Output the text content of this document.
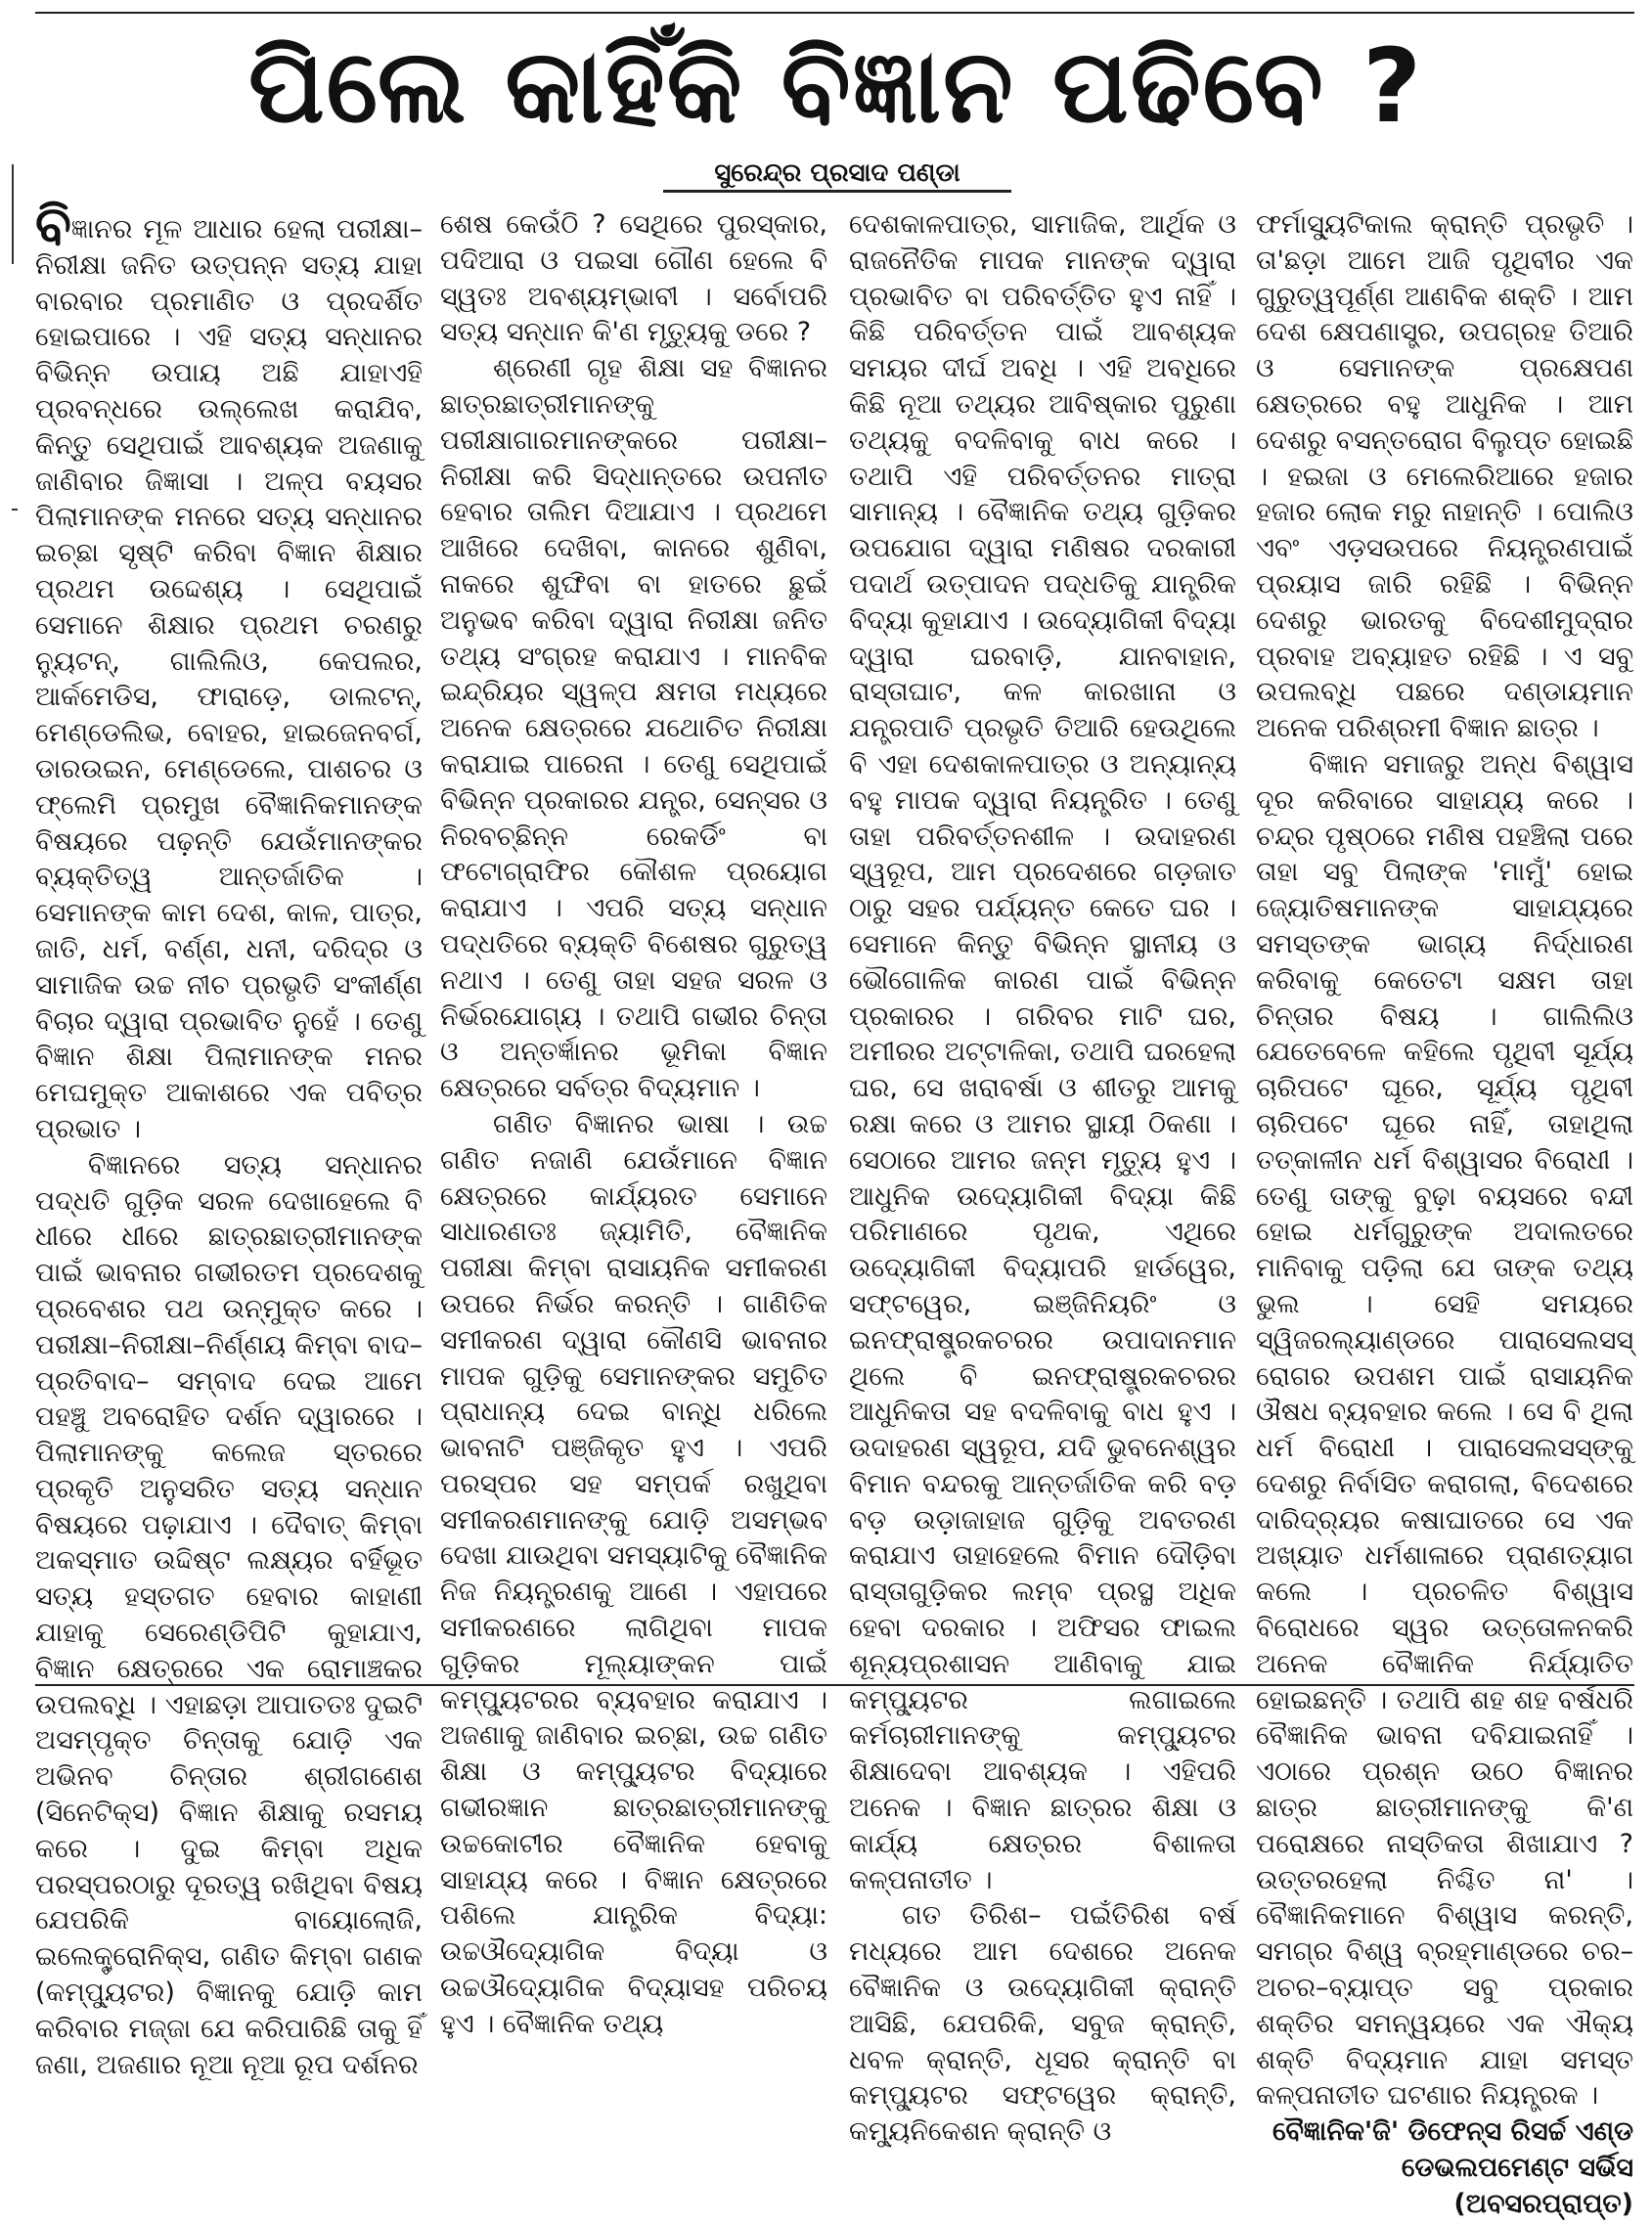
ପିଲେ କାହିଁକି ବିଜ୍ଞାନ ପଢିବେ ?
ସୁରେନ୍ଦ୍ର ପ୍ରସାଦ ପଣ୍ଡା

ବିଜ୍ଞାନର ମୂଳ ଆଧାର ହେଲା ପରୀକ୍ଷା–ନିରୀକ୍ଷା ଜନିତ ଉତ୍ପନ୍ନ ସତ୍ୟ ଯାହା ବାରବାର ପ୍ରମାଣିତ ଓ ପ୍ରଦର୍ଶିତ ହୋଇପାରେ । ଏହି ସତ୍ୟ ସନ୍ଧାନର ବିଭିନ୍ନ ଉପାୟ ଅଛି ଯାହାଏହି ପ୍ରବନ୍ଧରେ ଉଲ୍ଲେଖ କରାଯିବ, କିନ୍ତୁ ସେଥିପାଇଁ ଆବଶ୍ୟକ ଅଜଣାକୁ ଜାଣିବାର ଜିଜ୍ଞାସା । ଅଳ୍ପ ବୟସର ପିଲାମାନଙ୍କ ମନରେ ସତ୍ୟ ସନ୍ଧାନର ଇଚ୍ଛା ସୃଷ୍ଟି କରିବା ବିଜ୍ଞାନ ଶିକ୍ଷାର ପ୍ରଥମ ଉଦ୍ଦେଶ୍ୟ । ସେଥିପାଇଁ ସେମାନେ ଶିକ୍ଷାର ପ୍ରଥମ ଚରଣରୁ ନ୍ୟୁଟନ୍, ଗାଲିଲିଓ, କେପଲର, ଆର୍କମେଡିସ, ଫାରାଡ଼େ, ଡାଲଟନ୍, ମେଣ୍ଡେଲିଭ, ବୋହର, ହାଇଜେନବର୍ଗ, ଡାରଉଇନ, ମେଣ୍ଡେଲେ, ପାଶଚର ଓ ଫ୍ଲେମି ପ୍ରମୁଖ ବୈଜ୍ଞାନିକମାନଙ୍କ ବିଷୟରେ ପଢ଼ନ୍ତି ଯେଉଁମାନଙ୍କର ବ୍ୟକ୍ତିତ୍ୱ ଆନ୍ତର୍ଜାତିକ । ସେମାନଙ୍କ କାମ ଦେଶ, କାଳ, ପାତ୍ର, ଜାତି, ଧର୍ମ, ବର୍ଣ୍ଣ, ଧନୀ, ଦରିଦ୍ର ଓ ସାମାଜିକ ଉଚ୍ଚ ନୀଚ ପ୍ରଭୃତି ସଂକୀର୍ଣ୍ଣ ବିଚାର ଦ୍ୱାରା ପ୍ରଭାବିତ ନୁହେଁ । ତେଣୁ ବିଜ୍ଞାନ ଶିକ୍ଷା ପିଲାମାନଙ୍କ ମନର ମେଘମୁକ୍ତ ଆକାଶରେ ଏକ ପବିତ୍ର ପ୍ରଭାତ ।

ବିଜ୍ଞାନରେ ସତ୍ୟ ସନ୍ଧାନର ପଦ୍ଧତି ଗୁଡ଼ିକ ସରଳ ଦେଖାହେଲେ ବି ଧୀରେ ଧୀରେ ଛାତ୍ରଛାତ୍ରୀମାନଙ୍କ ପାଇଁ ଭାବନାର ଗଭୀରତମ ପ୍ରଦେଶକୁ ପ୍ରବେଶର ପଥ ଉନ୍ମୁକ୍ତ କରେ । ପରୀକ୍ଷା–ନିରୀକ୍ଷା–ନିର୍ଣ୍ଣୟ କିମ୍ବା ବାଦ–ପ୍ରତିବାଦ– ସମ୍ବାଦ ଦେଇ ଆମେ ପହଞ୍ଚୁ ଅବରୋହିତ ଦର୍ଶନ ଦ୍ୱାରରେ । ପିଲାମାନଙ୍କୁ କଲେଜ ସ୍ତରରେ ପ୍ରକୃତି ଅନୁସରିତ ସତ୍ୟ ସନ୍ଧାନ ବିଷୟରେ ପଢ଼ାଯାଏ । ଦୈବାତ୍ କିମ୍ବା ଅକସ୍ମାତ ଉଦ୍ଦିଷ୍ଟ ଲକ୍ଷ୍ୟର ବର୍ହିଭୂତ ସତ୍ୟ ହସ୍ତଗତ ହେବାର କାହାଣୀ ଯାହାକୁ ସେରେଣ୍ଡିପିଟି କୁହାଯାଏ, ବିଜ୍ଞାନ କ୍ଷେତ୍ରରେ ଏକ ରୋମାଞ୍ଚକର ଉପଲବ୍ଧି । ଏହାଛଡ଼ା ଆପାତତଃ ଦୁଇଟି ଅସମ୍ପୃକ୍ତ ଚିନ୍ତାକୁ ଯୋଡ଼ି ଏକ ଅଭିନବ ଚିନ୍ତାର ଶ୍ରୀଗଣେଶ (ସିନେଟିକ୍ସ) ବିଜ୍ଞାନ ଶିକ୍ଷାକୁ ରସମୟ କରେ । ଦୁଇ କିମ୍ବା ଅଧିକ ପରସ୍ପରଠାରୁ ଦୂରତ୍ୱ ରଖିଥିବା ବିଷୟ ଯେପରିକି ବାୟୋଲୋଜି, ଇଲେକ୍ଟ୍ରୋନିକ୍ସ, ଗଣିତ କିମ୍ବା ଗଣକ (କମ୍ପ୍ୟୁଟର) ବିଜ୍ଞାନକୁ ଯୋଡ଼ି କାମ କରିବାର ମଜ୍ଜା ଯେ କରିପାରିଛି ତାକୁ ହିଁ ଜଣା, ଅଜଣାର ନୂଆ ନୂଆ ରୂପ ଦର୍ଶନର

ଶେଷ କେଉଁଠି ? ସେଥିରେ ପୁରସ୍କାର, ପଦିଆରା ଓ ପଇସା ଗୌଣ ହେଲେ ବି ସ୍ୱତଃ ଅବଶ୍ୟମ୍ଭାବୀ । ସର୍ବୋପରି ସତ୍ୟ ସନ୍ଧାନ କି'ଣ ମୃତ୍ୟୁକୁ ଡରେ ?

ଶ୍ରେଣୀ ଗୃହ ଶିକ୍ଷା ସହ ବିଜ୍ଞାନର ଛାତ୍ରଛାତ୍ରୀମାନଙ୍କୁ ପରୀକ୍ଷାଗାରମାନଙ୍କରେ ପରୀକ୍ଷା–ନିରୀକ୍ଷା କରି ସିଦ୍ଧାନ୍ତରେ ଉପନୀତ ହେବାର ତାଲିମ ଦିଆଯାଏ । ପ୍ରଥମେ ଆଖିରେ ଦେଖିବା, କାନରେ ଶୁଣିବା, ନାକରେ ଶୁଙ୍ଘିବା ବା ହାତରେ ଛୁଇଁ ଅନୁଭବ କରିବା ଦ୍ୱାରା ନିରୀକ୍ଷା ଜନିତ ତଥ୍ୟ ସଂଗ୍ରହ କରାଯାଏ । ମାନବିକ ଇନ୍ଦ୍ରିୟର ସ୍ୱଳ୍ପ କ୍ଷମତା ମଧ୍ୟରେ ଅନେକ କ୍ଷେତ୍ରରେ ଯଥୋଚିତ ନିରୀକ୍ଷା କରାଯାଇ ପାରେନା । ତେଣୁ ସେଥିପାଇଁ ବିଭିନ୍ନ ପ୍ରକାରର ଯନ୍ତ୍ର, ସେନ୍ସର ଓ ନିରବଚ୍ଛିନ୍ନ ରେକର୍ଡିଂ ବା ଫଟୋଗ୍ରାଫିର କୌଶଳ ପ୍ରୟୋଗ କରାଯାଏ । ଏପରି ସତ୍ୟ ସନ୍ଧାନ ପଦ୍ଧତିରେ ବ୍ୟକ୍ତି ବିଶେଷର ଗୁରୁତ୍ୱ ନଥାଏ । ତେଣୁ ତାହା ସହଜ ସରଳ ଓ ନିର୍ଭରଯୋଗ୍ୟ । ତଥାପି ଗଭୀର ଚିନ୍ତା ଓ ଅନ୍ତର୍ଜ୍ଞାନର ଭୂମିକା ବିଜ୍ଞାନ କ୍ଷେତ୍ରରେ ସର୍ବତ୍ର ବିଦ୍ୟମାନ ।

ଗଣିତ ବିଜ୍ଞାନର ଭାଷା । ଉଚ୍ଚ ଗଣିତ ନଜାଣି ଯେଉଁମାନେ ବିଜ୍ଞାନ କ୍ଷେତ୍ରରେ କାର୍ଯ୍ୟରତ ସେମାନେ ସାଧାରଣତଃ ଜ୍ୟାମିତି, ବୈଜ୍ଞାନିକ ପରୀକ୍ଷା କିମ୍ବା ରାସାୟନିକ ସମୀକରଣ ଉପରେ ନିର୍ଭର କରନ୍ତି । ଗାଣିତିକ ସମୀକରଣ ଦ୍ୱାରା କୌଣସି ଭାବନାର ମାପକ ଗୁଡ଼ିକୁ ସେମାନଙ୍କର ସମୁଚିତ ପ୍ରାଧାନ୍ୟ ଦେଇ ବାନ୍ଧି ଧରିଲେ ଭାବନାଟି ପଞ୍ଜିକୃତ ହୁଏ । ଏପରି ପରସ୍ପର ସହ ସମ୍ପର୍କ ରଖୁଥିବା ସମୀକରଣମାନଙ୍କୁ ଯୋଡ଼ି ଅସମ୍ଭବ ଦେଖା ଯାଉଥିବା ସମସ୍ୟାଟିକୁ ବୈଜ୍ଞାନିକ ନିଜ ନିୟନ୍ତ୍ରଣକୁ ଆଣେ । ଏହାପରେ ସମୀକରଣରେ ଲାଗିଥିବା ମାପକ ଗୁଡ଼ିକର ମୂଲ୍ୟାଙ୍କନ ପାଇଁ କମ୍ପ୍ୟୁଟରର ବ୍ୟବହାର କରାଯାଏ । ଅଜଣାକୁ ଜାଣିବାର ଇଚ୍ଛା, ଉଚ୍ଚ ଗଣିତ ଶିକ୍ଷା ଓ କମ୍ପ୍ୟୁଟର ବିଦ୍ୟାରେ ଗଭୀରଜ୍ଞାନ ଛାତ୍ରଛାତ୍ରୀମାନଙ୍କୁ ଉଚ୍ଚକୋଟୀର ବୈଜ୍ଞାନିକ ହେବାକୁ ସାହାଯ୍ୟ କରେ । ବିଜ୍ଞାନ କ୍ଷେତ୍ରରେ ପଶିଲେ ଯାନ୍ତ୍ରିକ ବିଦ୍ୟା: ଉଚ୍ଚଔଦ୍ୟୋଗିକ ବିଦ୍ୟା ଓ ଉଚ୍ଚଔଦ୍ୟୋଗିକ ବିଦ୍ୟାସହ ପରିଚୟ ହୁଏ । ବୈଜ୍ଞାନିକ ତଥ୍ୟ

ଦେଶକାଳପାତ୍ର, ସାମାଜିକ, ଆର୍ଥିକ ଓ ରାଜନୈତିକ ମାପକ ମାନଙ୍କ ଦ୍ୱାରା ପ୍ରଭାବିତ ବା ପରିବର୍ତ୍ତିତ ହୁଏ ନାହିଁ । କିଛି ପରିବର୍ତ୍ତନ ପାଇଁ ଆବଶ୍ୟକ ସମୟର ଦୀର୍ଘ ଅବଧି । ଏହି ଅବଧିରେ କିଛି ନୂଆ ତଥ୍ୟର ଆବିଷ୍କାର ପୁରୁଣା ତଥ୍ୟକୁ ବଦଳିବାକୁ ବାଧ କରେ । ତଥାପି ଏହି ପରିବର୍ତ୍ତନର ମାତ୍ରା ସାମାନ୍ୟ । ବୈଜ୍ଞାନିକ ତଥ୍ୟ ଗୁଡ଼ିକର ଉପଯୋଗ ଦ୍ୱାରା ମଣିଷର ଦରକାରୀ ପଦାର୍ଥ ଉତ୍ପାଦନ ପଦ୍ଧତିକୁ ଯାନ୍ତ୍ରିକ ବିଦ୍ୟା କୁହାଯାଏ । ଉଦ୍ୟୋଗିକୀ ବିଦ୍ୟା ଦ୍ୱାରା ଘରବାଡ଼ି, ଯାନବାହାନ, ରାସ୍ତାଘାଟ, କଳ କାରଖାନା ଓ ଯନ୍ତ୍ରପାତି ପ୍ରଭୃତି ତିଆରି ହେଉଥିଲେ ବି ଏହା ଦେଶକାଳପାତ୍ର ଓ ଅନ୍ୟାନ୍ୟ ବହୁ ମାପକ ଦ୍ୱାରା ନିୟନ୍ତ୍ରିତ । ତେଣୁ ତାହା ପରିବର୍ତ୍ତନଶୀଳ । ଉଦାହରଣ ସ୍ୱରୂପ, ଆମ ପ୍ରଦେଶରେ ଗଡ଼ଜାତ ଠାରୁ ସହର ପର୍ଯ୍ୟନ୍ତ କେତେ ଘର । ସେମାନେ କିନ୍ତୁ ବିଭିନ୍ନ ସ୍ଥାନୀୟ ଓ ଭୌଗୋଳିକ କାରଣ ପାଇଁ ବିଭିନ୍ନ ପ୍ରକାରର । ଗରିବର ମାଟି ଘର, ଅମୀରର ଅଟ୍ଟାଳିକା, ତଥାପି ଘରହେଲା ଘର, ସେ ଖରାବର୍ଷା ଓ ଶୀତରୁ ଆମକୁ ରକ୍ଷା କରେ ଓ ଆମର ସ୍ଥାୟୀ ଠିକଣା । ସେଠାରେ ଆମର ଜନ୍ମ ମୃତ୍ୟୁ ହୁଏ । ଆଧୁନିକ ଉଦ୍ୟୋଗିକୀ ବିଦ୍ୟା କିଛି ପରିମାଣରେ ପୃଥକ, ଏଥିରେ ଉଦ୍ୟୋଗିକୀ ବିଦ୍ୟାପରି ହାର୍ଡୱେର, ସଫ୍ଟୱେର, ଇଞ୍ଜିନିୟରିଂ ଓ ଇନଫ୍ରାଷ୍ଟ୍ରକଚରର ଉପାଦାନମାନ ଥିଲେ ବି ଇନଫ୍ରାଷ୍ଟ୍ରକଚରର ଆଧୁନିକତା ସହ ବଦଳିବାକୁ ବାଧ ହୁଏ । ଉଦାହରଣ ସ୍ୱରୂପ, ଯଦି ଭୁବନେଶ୍ୱର ବିମାନ ବନ୍ଦରକୁ ଆନ୍ତର୍ଜାତିକ କରି ବଡ଼ ବଡ଼ ଉଡ଼ାଜାହାଜ ଗୁଡ଼ିକୁ ଅବତରଣ କରାଯାଏ ତାହାହେଲେ ବିମାନ ଦୌଡ଼ିବା ରାସ୍ତାଗୁଡ଼ିକର ଲମ୍ବ ପ୍ରସ୍ଥ ଅଧିକ ହେବା ଦରକାର । ଅଫିସର ଫାଇଲ ଶୂନ୍ୟପ୍ରଶାସନ ଆଣିବାକୁ ଯାଇ କମ୍ପ୍ୟୁଟର ଲଗାଇଲେ କର୍ମଚାରୀମାନଙ୍କୁ କମ୍ପ୍ୟୁଟର ଶିକ୍ଷାଦେବା ଆବଶ୍ୟକ । ଏହିପରି ଅନେକ । ବିଜ୍ଞାନ ଛାତ୍ରର ଶିକ୍ଷା ଓ କାର୍ଯ୍ୟ କ୍ଷେତ୍ରର ବିଶାଳତା କଳ୍ପନାତୀତ ।

ଗତ ତିରିଶ– ପଇଁତିରିଶ ବର୍ଷ ମଧ୍ୟରେ ଆମ ଦେଶରେ ଅନେକ ବୈଜ୍ଞାନିକ ଓ ଉଦ୍ୟୋଗିକୀ କ୍ରାନ୍ତି ଆସିଛି, ଯେପରିକି, ସବୁଜ କ୍ରାନ୍ତି, ଧବଳ କ୍ରାନ୍ତି, ଧୂସର କ୍ରାନ୍ତି ବା କମ୍ପ୍ୟୁଟର ସଫ୍ଟୱେର କ୍ରାନ୍ତି, କମ୍ୟୁନିକେଶନ କ୍ରାନ୍ତି ଓ

ଫର୍ମାସ୍ୟୁଟିକାଲ କ୍ରାନ୍ତି ପ୍ରଭୃତି । ତା'ଛଡ଼ା ଆମେ ଆଜି ପୃଥିବୀର ଏକ ଗୁରୁତ୍ୱପୂର୍ଣ୍ଣ ଆଣବିକ ଶକ୍ତି । ଆମ ଦେଶ କ୍ଷେପଣାସ୍ତ୍ର, ଉପଗ୍ରହ ତିଆରି ଓ ସେମାନଙ୍କ ପ୍ରକ୍ଷେପଣ କ୍ଷେତ୍ରରେ ବହୁ ଆଧୁନିକ । ଆମ ଦେଶରୁ ବସନ୍ତରୋଗ ବିଲୁପ୍ତ ହୋଇଛି । ହଇଜା ଓ ମେଲେରିଆରେ ହଜାର ହଜାର ଲୋକ ମରୁ ନାହାନ୍ତି । ପୋଲିଓ ଏବଂ ଏଡ଼ସଉପରେ ନିୟନ୍ତ୍ରଣପାଇଁ ପ୍ରୟାସ ଜାରି ରହିଛି । ବିଭିନ୍ନ ଦେଶରୁ ଭାରତକୁ ବିଦେଶୀମୁଦ୍ରାର ପ୍ରବାହ ଅବ୍ୟାହତ ରହିଛି । ଏ ସବୁ ଉପଲବ୍ଧି ପଛରେ ଦଣ୍ଡାୟମାନ ଅନେକ ପରିଶ୍ରମୀ ବିଜ୍ଞାନ ଛାତ୍ର ।

ବିଜ୍ଞାନ ସମାଜରୁ ଅନ୍ଧ ବିଶ୍ୱାସ ଦୂର କରିବାରେ ସାହାଯ୍ୟ କରେ । ଚନ୍ଦ୍ର ପୃଷ୍ଠରେ ମଣିଷ ପହଞ୍ଚିଲା ପରେ ତାହା ସବୁ ପିଲାଙ୍କ 'ମାମୁଁ' ହୋଇ ଜ୍ୟୋତିଷମାନଙ୍କ ସାହାଯ୍ୟରେ ସମସ୍ତଙ୍କ ଭାଗ୍ୟ ନିର୍ଦ୍ଧାରଣ କରିବାକୁ କେତେଟା ସକ୍ଷମ ତାହା ଚିନ୍ତାର ବିଷୟ । ଗାଲିଲିଓ ଯେତେବେଳେ କହିଲେ ପୃଥିବୀ ସୂର୍ଯ୍ୟ ଚାରିପଟେ ଘୂରେ, ସୂର୍ଯ୍ୟ ପୃଥିବୀ ଚାରିପଟେ ଘୂରେ ନାହିଁ, ତାହାଥିଲା ତତ୍କାଳୀନ ଧର୍ମ ବିଶ୍ୱାସର ବିରୋଧୀ । ତେଣୁ ତାଙ୍କୁ ବୁଢ଼ା ବୟସରେ ବନ୍ଦୀ ହୋଇ ଧର୍ମଗୁରୁଙ୍କ ଅଦାଲତରେ ମାନିବାକୁ ପଡ଼ିଲା ଯେ ତାଙ୍କ ତଥ୍ୟ ଭୁଲ । ସେହି ସମୟରେ ସ୍ୱିଜରଲ୍ୟାଣ୍ଡରେ ପାରାସେଲସସ୍ ରୋଗର ଉପଶମ ପାଇଁ ରାସାୟନିକ ଔଷଧ ବ୍ୟବହାର କଲେ । ସେ ବି ଥିଲା ଧର୍ମ ବିରୋଧୀ । ପାରାସେଲସସ୍‌ଙ୍କୁ ଦେଶରୁ ନିର୍ବାସିତ କରାଗଲା, ବିଦେଶରେ ଦାରିଦ୍ର୍ୟର କଷାଘାତରେ ସେ ଏକ ଅଖ୍ୟାତ ଧର୍ମଶାଳାରେ ପ୍ରାଣତ୍ୟାଗ କଲେ । ପ୍ରଚଳିତ ବିଶ୍ୱାସ ବିରୋଧରେ ସ୍ୱର ଉତ୍ତୋଳନକରି ଅନେକ ବୈଜ୍ଞାନିକ ନିର୍ଯ୍ୟାତିତ ହୋଇଛନ୍ତି । ତଥାପି ଶହ ଶହ ବର୍ଷଧରି ବୈଜ୍ଞାନିକ ଭାବନା ଦବିଯାଇନାହିଁ । ଏଠାରେ ପ୍ରଶ୍ନ ଉଠେ ବିଜ୍ଞାନର ଛାତ୍ର ଛାତ୍ରୀମାନଙ୍କୁ କି'ଣ ପରୋକ୍ଷରେ ନାସ୍ତିକତା ଶିଖାଯାଏ ? ଉତ୍ତରହେଲା ନିଶ୍ଚିତ ନା' । ବୈଜ୍ଞାନିକମାନେ ବିଶ୍ୱାସ କରନ୍ତି, ସମଗ୍ର ବିଶ୍ୱ ବ୍ରହ୍ମାଣ୍ଡରେ ଚର–ଅଚର–ବ୍ୟାପ୍ତ ସବୁ ପ୍ରକାର ଶକ୍ତିର ସମନ୍ୱୟରେ ଏକ ଐକ୍ୟ ଶକ୍ତି ବିଦ୍ୟମାନ ଯାହା ସମସ୍ତ କଳ୍ପନାତୀତ ଘଟଣାର ନିୟନ୍ତ୍ରକ ।

ବୈଜ୍ଞାନିକ'ଜି' ଡିଫେନ୍ସ ରିସର୍ଚ୍ଚ ଏଣ୍ଡ

ଡେଭଲପମେଣ୍ଟ ସର୍ଭିସ (ଅବସରପ୍ରାପ୍ତ)
